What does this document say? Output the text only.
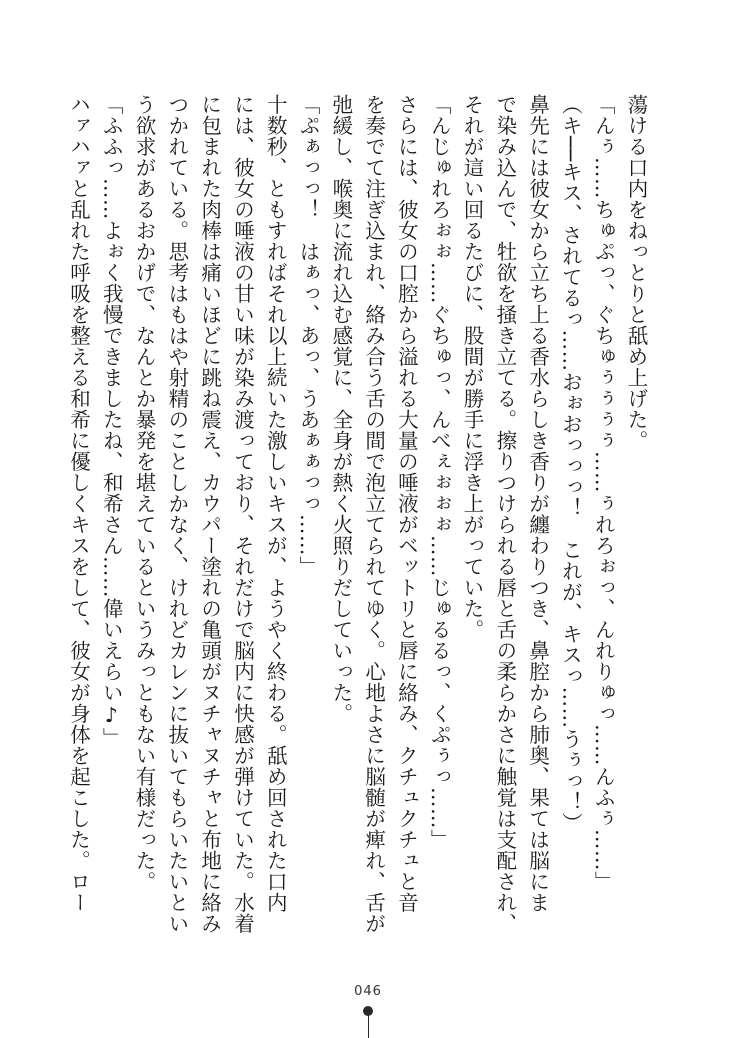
蕩ける口内をねっとりと舐め上げた。

「んぅ……ちゅぷっ、ぐちゅぅぅぅぅ……ぅれろぉっ、んれりゅっ……んふぅ……」

（キ──キス、されてるっ……おぉおっっっ！　これが、キスっ……うぅっ！）

鼻先には彼女から立ち上る香水らしき香りが纏わりつき、鼻腔から肺奥、果ては脳にま

で染み込んで、牡欲を掻き立てる。擦りつけられる唇と舌の柔らかさに触覚は支配され、

それが這い回るたびに、股間が勝手に浮き上がっていた。

「んじゅれろぉぉ……ぐちゅっ、んべぇぉぉぉ……じゅるるっ、くぷぅっ……」

さらには、彼女の口腔から溢れる大量の唾液がベットリと唇に絡み、クチュクチュと音

を奏でて注ぎ込まれ、絡み合う舌の間で泡立てられてゆく。心地よさに脳髄が痺れ、舌が

弛緩し、喉奥に流れ込む感覚に、全身が熱く火照りだしていった。

「ぷぁっっ！　はぁっ、あっ、うあぁぁっっ……」

十数秒、ともすればそれ以上続いた激しいキスが、ようやく終わる。舐め回された口内

には、彼女の唾液の甘い味が染み渡っており、それだけで脳内に快感が弾けていた。水着

に包まれた肉棒は痛いほどに跳ね震え、カウパー塗れの亀頭がヌチャヌチャと布地に絡み

つかれている。思考はもはや射精のことしかなく、けれどカレンに抜いてもらいたいとい

う欲求があるおかげで、なんとか暴発を堪えているというみっともない有様だった。

「ふふっ……よぉく我慢できましたね、和希さん……偉いえらい♪」

ハァハァと乱れた呼吸を整える和希に優しくキスをして、彼女が身体を起こした。ロー

046
